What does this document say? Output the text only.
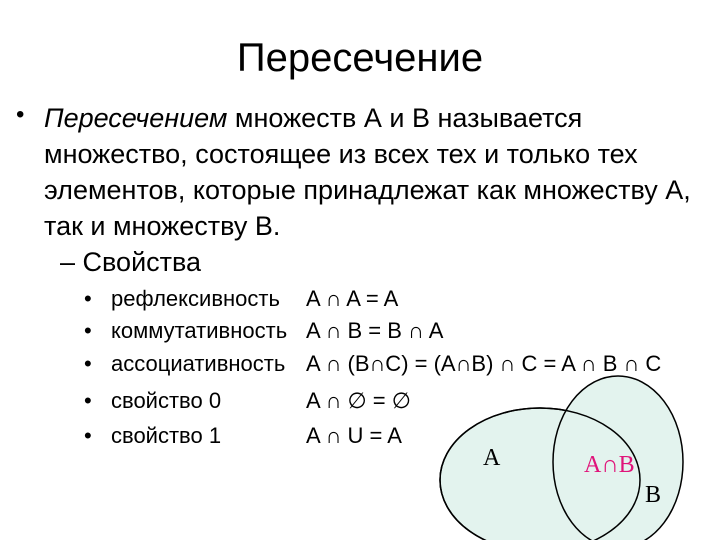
A	A∩B
B
Пересечение
• Пересечением множеств А и В называется
множество, состоящее из всех тех и только тех
элементов, которые принадлежат как множеству А,
так и множеству В.
– Свойства
• рефлексивность A ∩ A = A
• коммутативность A ∩ B = B ∩ A
• ассоциативность A ∩ (B∩C) = (A∩B) ∩ C = A ∩ B ∩ C
• свойство 0	A ∩ ∅ = ∅
• свойство 1	A ∩ U = A
